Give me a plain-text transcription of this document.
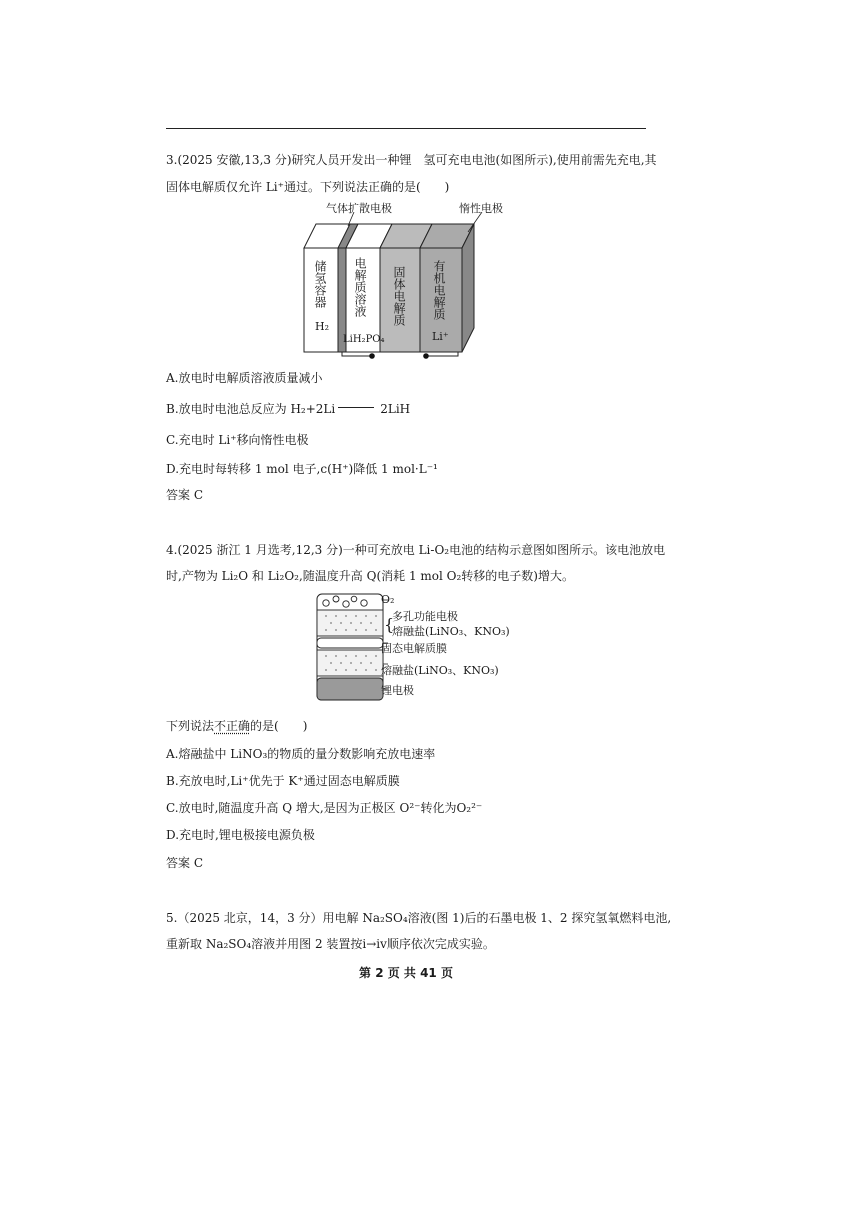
3.(2025 安徽,13,3 分)研究人员开发出一种锂　氢可充电电池(如图所示),使用前需先充电,其
固体电解质仅允许 Li⁺通过。下列说法正确的是(　　)
气体扩散电极	惰性电极
储氢容器
H₂
电解质溶液
LiH₂PO₄
固体电解质 有机电解质
Li⁺
A.放电时电解质溶液质量减小
B.放电时电池总反应为 H₂+2Li	2LiH
C.充电时 Li⁺移向惰性电极
D.充电时每转移 1 mol 电子,c(H⁺)降低 1 mol·L⁻¹
答案 C
4.(2025 浙江 1 月选考,12,3 分)一种可充放电 Li-O₂电池的结构示意图如图所示。该电池放电
时,产物为 Li₂O 和 Li₂O₂,随温度升高 Q(消耗 1 mol O₂转移的电子数)增大。
{
O₂
多孔功能电极
熔融盐(LiNO₃、KNO₃)
固态电解质膜
熔融盐(LiNO₃、KNO₃)
锂电极
下列说法不正确的是(　　)
A.熔融盐中 LiNO₃的物质的量分数影响充放电速率
B.充放电时,Li⁺优先于 K⁺通过固态电解质膜
C.放电时,随温度升高 Q 增大,是因为正极区 O²⁻转化为O₂²⁻
D.充电时,锂电极接电源负极
答案 C
5.（2025 北京，14，3 分）用电解 Na₂SO₄溶液(图 1)后的石墨电极 1、2 探究氢氧燃料电池,
重新取 Na₂SO₄溶液并用图 2 装置按ⅰ→ⅳ顺序依次完成实验。
第 2 页 共 41 页
